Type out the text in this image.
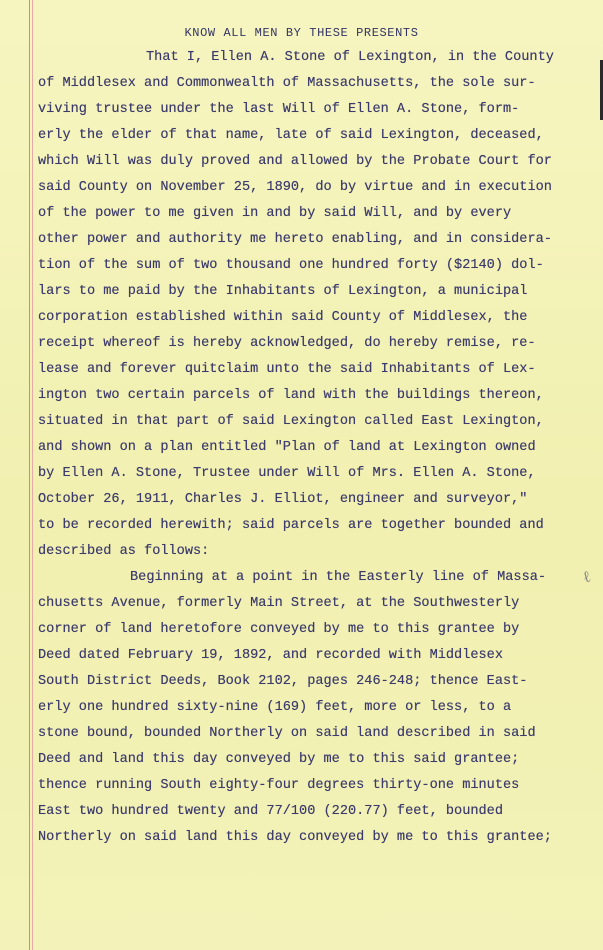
KNOW ALL MEN BY THESE PRESENTS
That I, Ellen A. Stone of Lexington, in the County
of Middlesex and Commonwealth of Massachusetts, the sole sur-
viving trustee under the last Will of Ellen A. Stone, form-
erly the elder of that name, late of said Lexington, deceased,
which Will was duly proved and allowed by the Probate Court for
said County on November 25, 1890, do by virtue and in execution
of the power to me given in and by said Will, and by every
other power and authority me hereto enabling, and in considera-
tion of the sum of two thousand one hundred forty ($2140) dol-
lars to me paid by the Inhabitants of Lexington, a municipal
corporation established within said County of Middlesex, the
receipt whereof is hereby acknowledged, do hereby remise, re-
lease and forever quitclaim unto the said Inhabitants of Lex-
ington two certain parcels of land with the buildings thereon,
situated in that part of said Lexington called East Lexington,
and shown on a plan entitled "Plan of land at Lexington owned
by Ellen A. Stone, Trustee under Will of Mrs. Ellen A. Stone,
October 26, 1911, Charles J. Elliot, engineer and surveyor,"
to be recorded herewith; said parcels are together bounded and
described as follows:
Beginning at a point in the Easterly line of Massa-
chusetts Avenue, formerly Main Street, at the Southwesterly
corner of land heretofore conveyed by me to this grantee by
Deed dated February 19, 1892, and recorded with Middlesex
South District Deeds, Book 2102, pages 246-248; thence East-
erly one hundred sixty-nine (169) feet, more or less, to a
stone bound, bounded Northerly on said land described in said
Deed and land this day conveyed by me to this said grantee;
thence running South eighty-four degrees thirty-one minutes
East two hundred twenty and 77/100 (220.77) feet, bounded
Northerly on said land this day conveyed by me to this grantee;
ℓ
